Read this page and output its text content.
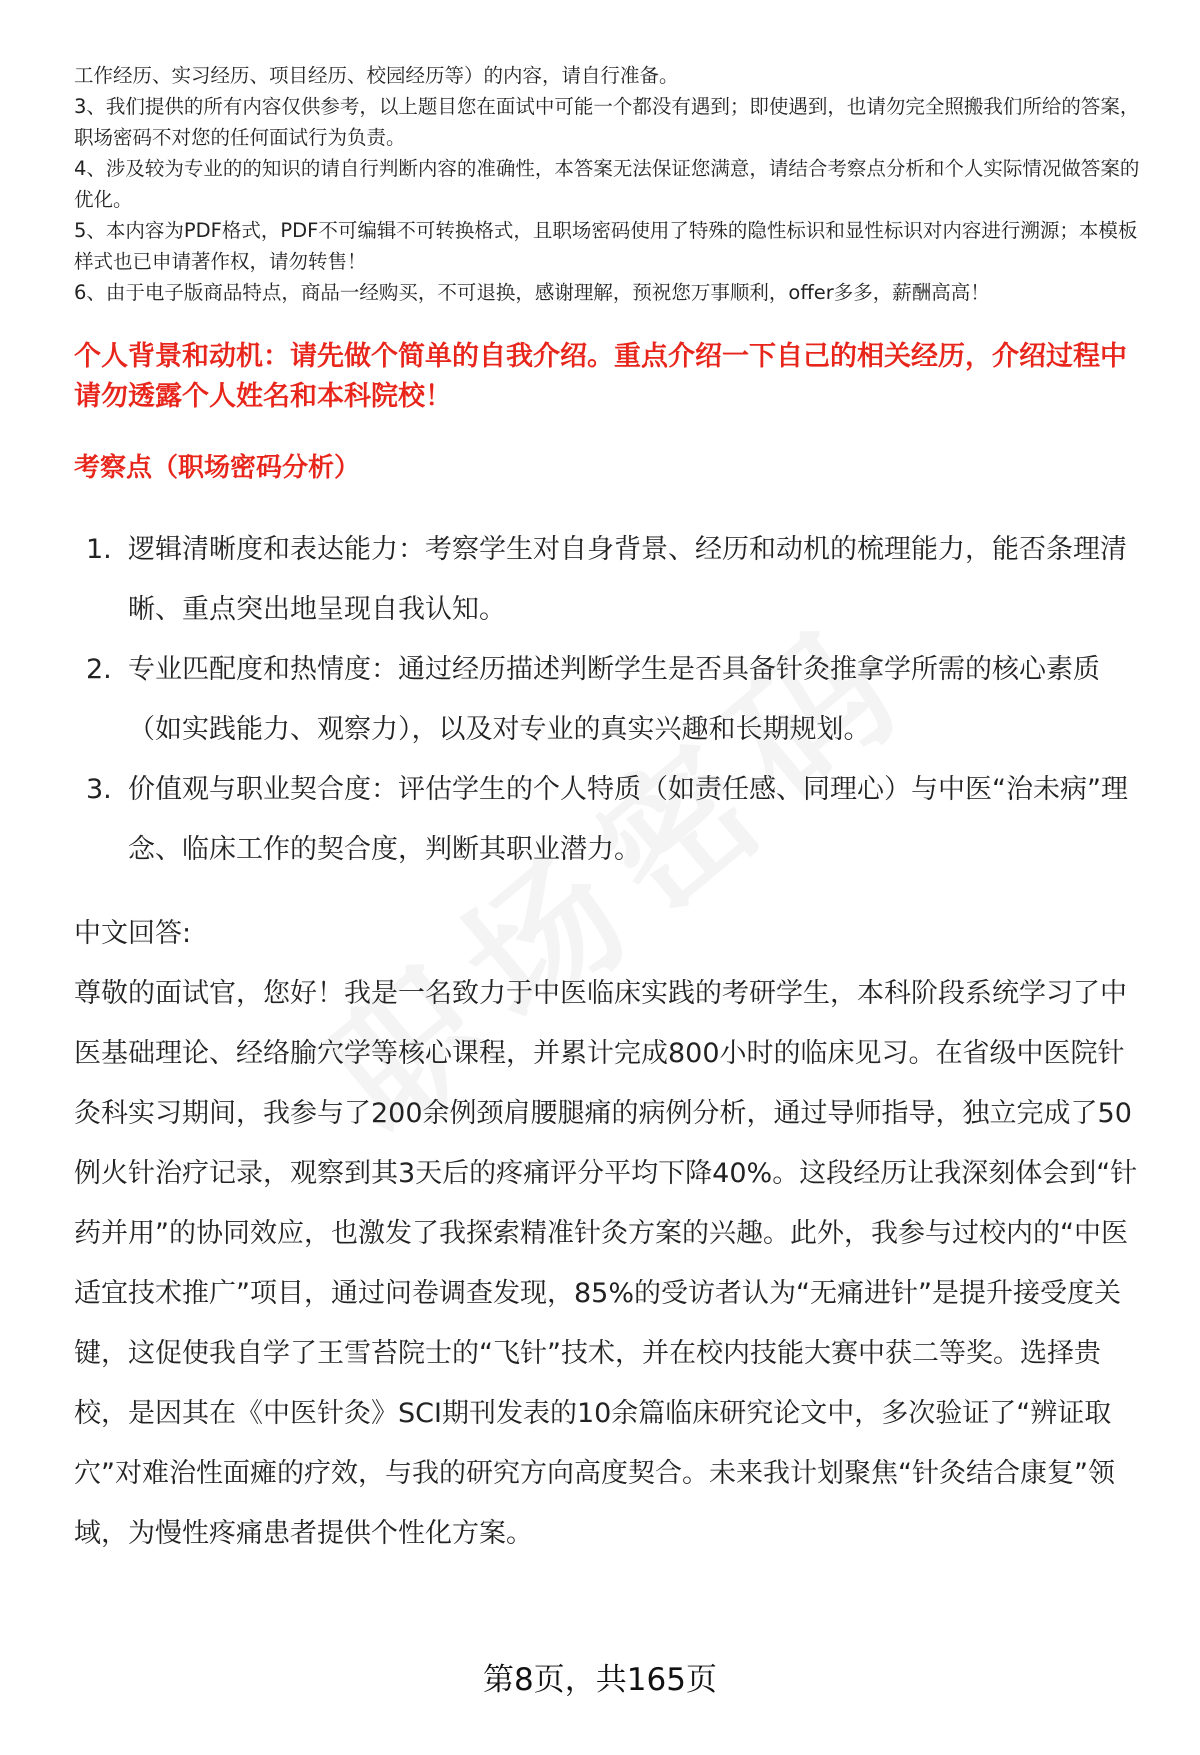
工作经历、实习经历、项目经历、校园经历等）的内容，请自行准备。

3、我们提供的所有内容仅供参考，以上题目您在面试中可能一个都没有遇到；即使遇到，也请勿完全照搬我们所给的答案，职场密码不对您的任何面试行为负责。

4、涉及较为专业的的知识的请自行判断内容的准确性，本答案无法保证您满意，请结合考察点分析和个人实际情况做答案的优化。

5、本内容为PDF格式，PDF不可编辑不可转换格式，且职场密码使用了特殊的隐性标识和显性标识对内容进行溯源；本模板样式也已申请著作权，请勿转售！

6、由于电子版商品特点，商品一经购买，不可退换，感谢理解，预祝您万事顺利，offer多多，薪酬高高！

个人背景和动机：请先做个简单的自我介绍。重点介绍一下自己的相关经历，介绍过程中请勿透露个人姓名和本科院校！

考察点（职场密码分析）

1. 逻辑清晰度和表达能力：考察学生对自身背景、经历和动机的梳理能力，能否条理清晰、重点突出地呈现自我认知。
2. 专业匹配度和热情度：通过经历描述判断学生是否具备针灸推拿学所需的核心素质（如实践能力、观察力），以及对专业的真实兴趣和长期规划。
3. 价值观与职业契合度：评估学生的个人特质（如责任感、同理心）与中医“治未病”理念、临床工作的契合度，判断其职业潜力。

中文回答:

尊敬的面试官，您好！我是一名致力于中医临床实践的考研学生，本科阶段系统学习了中医基础理论、经络腧穴学等核心课程，并累计完成800小时的临床见习。在省级中医院针灸科实习期间，我参与了200余例颈肩腰腿痛的病例分析，通过导师指导，独立完成了50例火针治疗记录，观察到其3天后的疼痛评分平均下降40%。这段经历让我深刻体会到“针药并用”的协同效应，也激发了我探索精准针灸方案的兴趣。此外，我参与过校内的“中医适宜技术推广”项目，通过问卷调查发现，85%的受访者认为“无痛进针”是提升接受度关键，这促使我自学了王雪苔院士的“飞针”技术，并在校内技能大赛中获二等奖。选择贵校，是因其在《中医针灸》SCI期刊发表的10余篇临床研究论文中，多次验证了“辨证取穴”对难治性面瘫的疗效，与我的研究方向高度契合。未来我计划聚焦“针灸结合康复”领域，为慢性疼痛患者提供个性化方案。

第8页，共165页
